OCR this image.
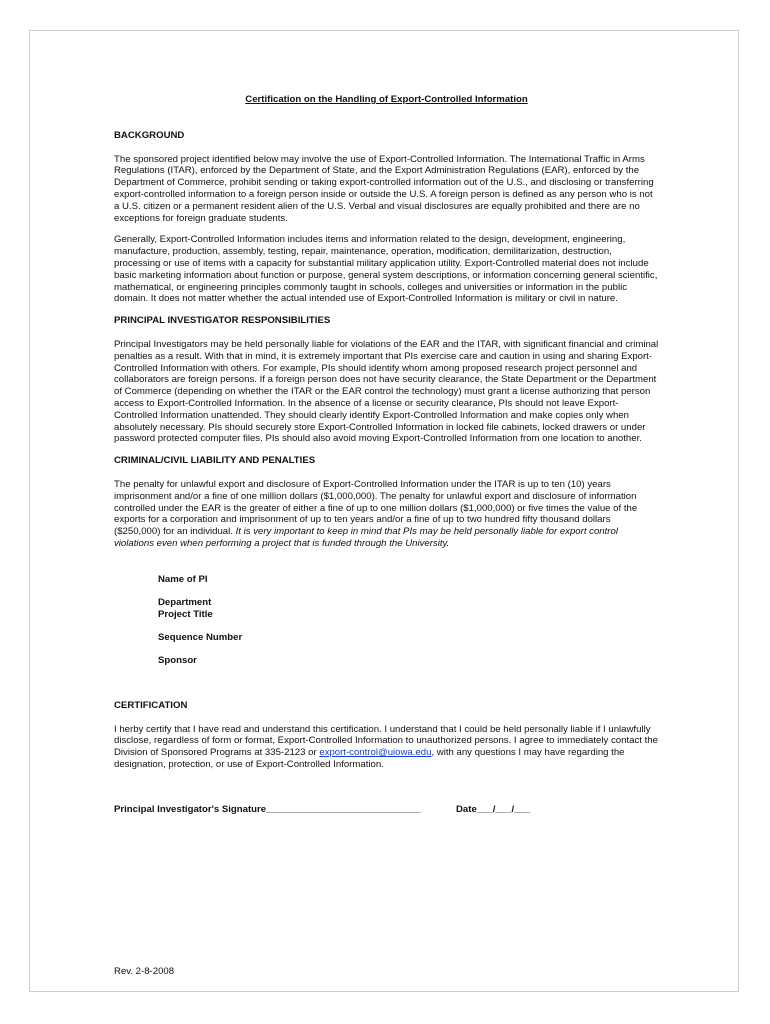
Certification on the Handling of Export-Controlled Information
BACKGROUND

The sponsored project identified below may involve the use of Export-Controlled Information. The International Traffic in Arms Regulations (ITAR), enforced by the Department of State, and the Export Administration Regulations (EAR), enforced by the Department of Commerce, prohibit sending or taking export-controlled information out of the U.S., and disclosing or transferring export-controlled information to a foreign person inside or outside the U.S. A foreign person is defined as any person who is not a U.S. citizen or a permanent resident alien of the U.S. Verbal and visual disclosures are equally prohibited and there are no exceptions for foreign graduate students.

Generally, Export-Controlled Information includes items and information related to the design, development, engineering, manufacture, production, assembly, testing, repair, maintenance, operation, modification, demilitarization, destruction, processing or use of items with a capacity for substantial military application utility. Export-Controlled material does not include basic marketing information about function or purpose, general system descriptions, or information concerning general scientific, mathematical, or engineering principles commonly taught in schools, colleges and universities or information in the public domain. It does not matter whether the actual intended use of Export-Controlled Information is military or civil in nature.

PRINCIPAL INVESTIGATOR RESPONSIBILITIES

Principal Investigators may be held personally liable for violations of the EAR and the ITAR, with significant financial and criminal penalties as a result. With that in mind, it is extremely important that PIs exercise care and caution in using and sharing Export-Controlled Information with others. For example, PIs should identify whom among proposed research project personnel and collaborators are foreign persons. If a foreign person does not have security clearance, the State Department or the Department of Commerce (depending on whether the ITAR or the EAR control the technology) must grant a license authorizing that person access to Export-Controlled Information. In the absence of a license or security clearance, PIs should not leave Export-Controlled Information unattended. They should clearly identify Export-Controlled Information and make copies only when absolutely necessary. PIs should securely store Export-Controlled Information in locked file cabinets, locked drawers or under password protected computer files. PIs should also avoid moving Export-Controlled Information from one location to another.

CRIMINAL/CIVIL LIABILITY AND PENALTIES

The penalty for unlawful export and disclosure of Export-Controlled Information under the ITAR is up to ten (10) years imprisonment and/or a fine of one million dollars ($1,000,000). The penalty for unlawful export and disclosure of information controlled under the EAR is the greater of either a fine of up to one million dollars ($1,000,000) or five times the value of the exports for a corporation and imprisonment of up to ten years and/or a fine of up to two hundred fifty thousand dollars ($250,000) for an individual. It is very important to keep in mind that PIs may be held personally liable for export control violations even when performing a project that is funded through the University.

Name of PI
Department
Project Title
Sequence Number
Sponsor
CERTIFICATION

I herby certify that I have read and understand this certification. I understand that I could be held personally liable if I unlawfully disclose, regardless of form or format, Export-Controlled Information to unauthorized persons. I agree to immediately contact the Division of Sponsored Programs at 335-2123 or export-control@uiowa.edu, with any questions I may have regarding the designation, protection, or use of Export-Controlled Information.

Principal Investigator's Signature_____________________________	Date___/___/___
Rev. 2-8-2008
